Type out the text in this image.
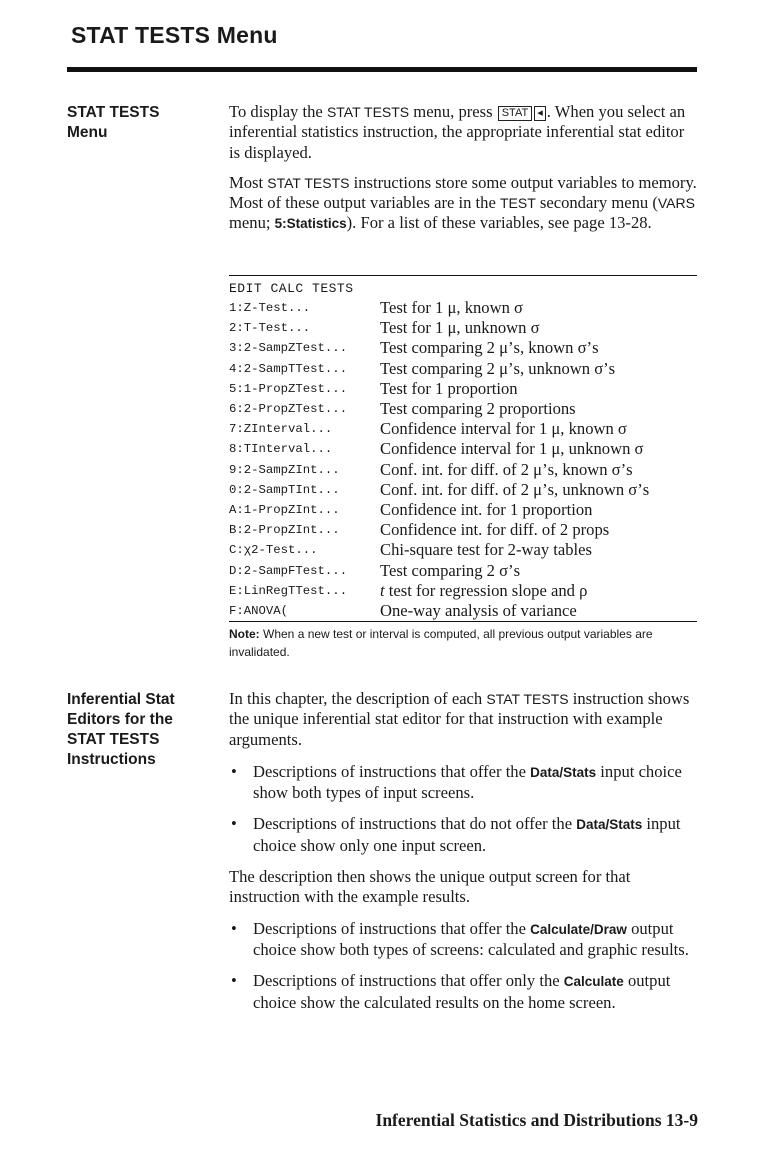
STAT TESTS Menu
STAT TESTS
Menu

To display the STAT TESTS menu, press STAT ◂ . When you select an inferential statistics instruction, the appropriate inferential stat editor is displayed.

Most STAT TESTS instructions store some output variables to memory. Most of these output variables are in the TEST secondary menu (VARS menu; 5:Statistics). For a list of these variables, see page 13-28.

EDIT CALC TESTS
1:Z-Test...	Test for 1 μ, known σ
2:T-Test...	Test for 1 μ, unknown σ
3:2-SampZTest...	Test comparing 2 μ’s, known σ’s
4:2-SampTTest...	Test comparing 2 μ’s, unknown σ’s
5:1-PropZTest...	Test for 1 proportion
6:2-PropZTest...	Test comparing 2 proportions
7:ZInterval...	Confidence interval for 1 μ, known σ
8:TInterval...	Confidence interval for 1 μ, unknown σ
9:2-SampZInt...	Conf. int. for diff. of 2 μ’s, known σ’s
0:2-SampTInt...	Conf. int. for diff. of 2 μ’s, unknown σ’s
A:1-PropZInt...	Confidence int. for 1 proportion
B:2-PropZInt...	Confidence int. for diff. of 2 props
C:χ2-Test...	Chi-square test for 2-way tables
D:2-SampFTest...	Test comparing 2 σ’s
E:LinRegTTest...	t test for regression slope and ρ
F:ANOVA(	One-way analysis of variance
Note: When a new test or interval is computed, all previous output variables are invalidated.
Inferential Stat
Editors for the
STAT TESTS
Instructions

In this chapter, the description of each STAT TESTS instruction shows the unique inferential stat editor for that instruction with example arguments.

• Descriptions of instructions that offer the Data/Stats input choice show both types of input screens.
• Descriptions of instructions that do not offer the Data/Stats input choice show only one input screen.

The description then shows the unique output screen for that instruction with the example results.

• Descriptions of instructions that offer the Calculate/Draw output choice show both types of screens: calculated and graphic results.
• Descriptions of instructions that offer only the Calculate output choice show the calculated results on the home screen.
Inferential Statistics and Distributions 13-9
